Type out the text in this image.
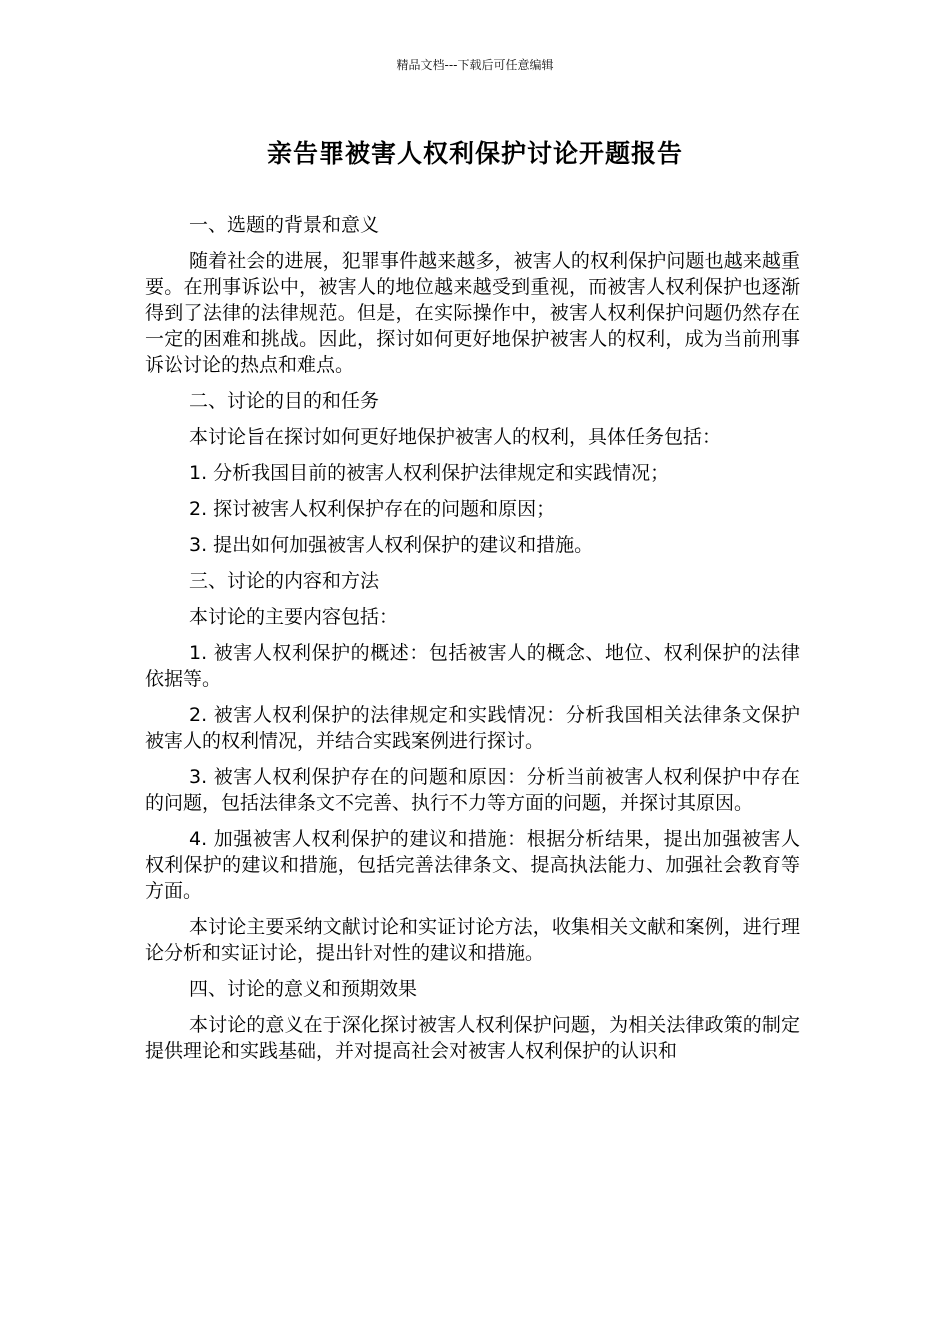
精品文档---下载后可任意编辑
亲告罪被害人权利保护讨论开题报告

一、选题的背景和意义

随着社会的进展，犯罪事件越来越多，被害人的权利保护问题也越来越重要。在刑事诉讼中，被害人的地位越来越受到重视，而被害人权利保护也逐渐得到了法律的法律规范。但是，在实际操作中，被害人权利保护问题仍然存在一定的困难和挑战。因此，探讨如何更好地保护被害人的权利，成为当前刑事诉讼讨论的热点和难点。

二、讨论的目的和任务

本讨论旨在探讨如何更好地保护被害人的权利，具体任务包括：

1. 分析我国目前的被害人权利保护法律规定和实践情况；

2. 探讨被害人权利保护存在的问题和原因；

3. 提出如何加强被害人权利保护的建议和措施。

三、讨论的内容和方法

本讨论的主要内容包括：

1. 被害人权利保护的概述：包括被害人的概念、地位、权利保护的法律依据等。

2. 被害人权利保护的法律规定和实践情况：分析我国相关法律条文保护被害人的权利情况，并结合实践案例进行探讨。

3. 被害人权利保护存在的问题和原因：分析当前被害人权利保护中存在的问题，包括法律条文不完善、执行不力等方面的问题，并探讨其原因。

4. 加强被害人权利保护的建议和措施：根据分析结果，提出加强被害人权利保护的建议和措施，包括完善法律条文、提高执法能力、加强社会教育等方面。

本讨论主要采纳文献讨论和实证讨论方法，收集相关文献和案例，进行理论分析和实证讨论，提出针对性的建议和措施。

四、讨论的意义和预期效果

本讨论的意义在于深化探讨被害人权利保护问题，为相关法律政策的制定提供理论和实践基础，并对提高社会对被害人权利保护的认识和
